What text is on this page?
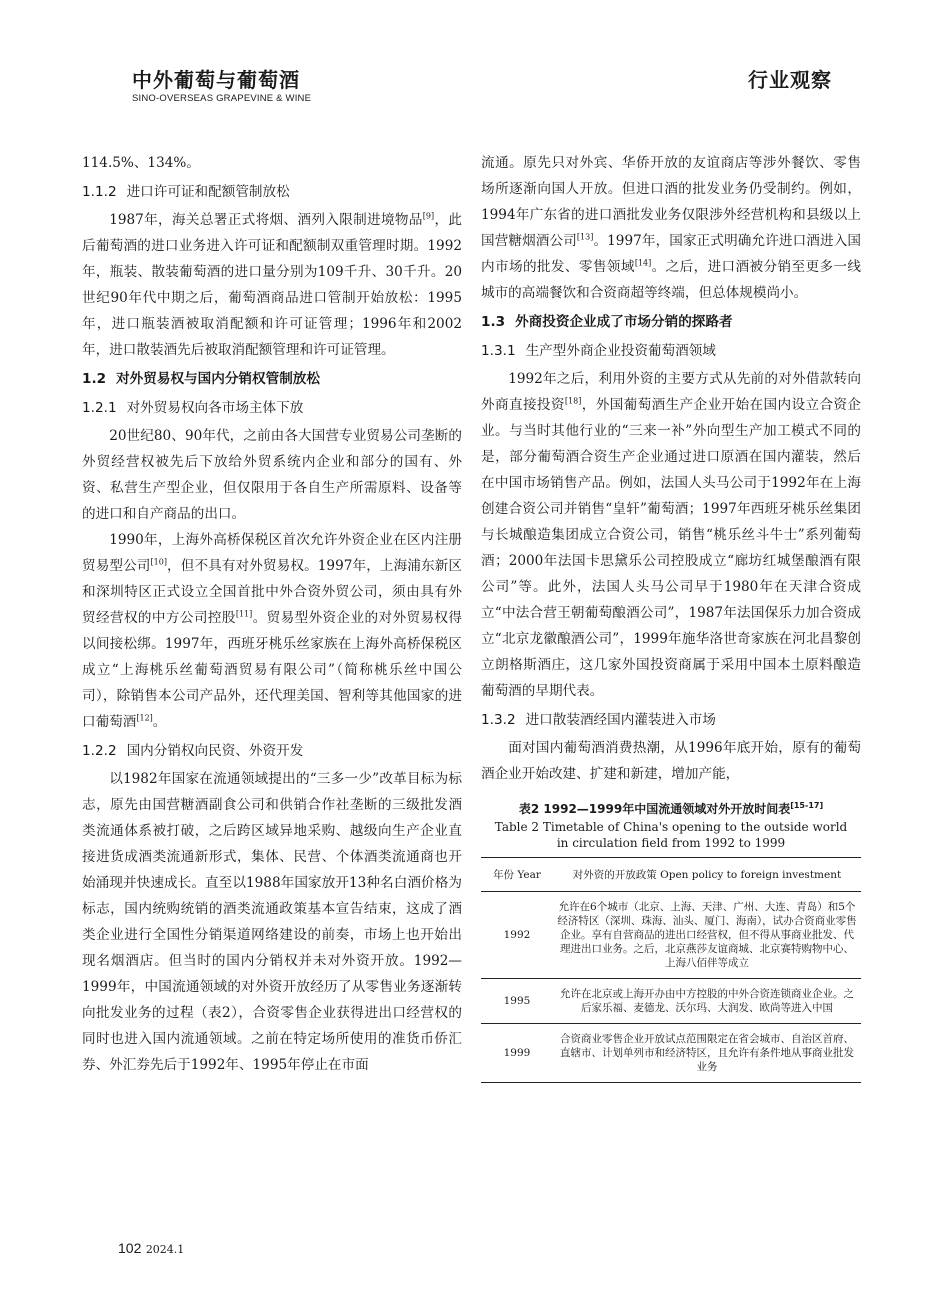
中外葡萄与葡萄酒
SINO-OVERSEAS GRAPEVINE & WINE
行业观察

114.5%、134%。

1.1.2 进口许可证和配额管制放松

1987年，海关总署正式将烟、酒列入限制进境物品[9]，此后葡萄酒的进口业务进入许可证和配额制双重管理时期。1992年，瓶装、散装葡萄酒的进口量分别为109千升、30千升。20世纪90年代中期之后，葡萄酒商品进口管制开始放松：1995年，进口瓶装酒被取消配额和许可证管理；1996年和2002年，进口散装酒先后被取消配额管理和许可证管理。

1.2 对外贸易权与国内分销权管制放松
1.2.1 对外贸易权向各市场主体下放

20世纪80、90年代，之前由各大国营专业贸易公司垄断的外贸经营权被先后下放给外贸系统内企业和部分的国有、外资、私营生产型企业，但仅限用于各自生产所需原料、设备等的进口和自产商品的出口。

1990年，上海外高桥保税区首次允许外资企业在区内注册贸易型公司[10]，但不具有对外贸易权。1997年，上海浦东新区和深圳特区正式设立全国首批中外合资外贸公司，须由具有外贸经营权的中方公司控股[11]。贸易型外资企业的对外贸易权得以间接松绑。1997年，西班牙桃乐丝家族在上海外高桥保税区成立“上海桃乐丝葡萄酒贸易有限公司”（简称桃乐丝中国公司），除销售本公司产品外，还代理美国、智利等其他国家的进口葡萄酒[12]。

1.2.2 国内分销权向民资、外资开发

以1982年国家在流通领域提出的“三多一少”改革目标为标志，原先由国营糖酒副食公司和供销合作社垄断的三级批发酒类流通体系被打破，之后跨区域异地采购、越级向生产企业直接进货成酒类流通新形式，集体、民营、个体酒类流通商也开始涌现并快速成长。直至以1988年国家放开13种名白酒价格为标志，国内统购统销的酒类流通政策基本宣告结束，这成了酒类企业进行全国性分销渠道网络建设的前奏，市场上也开始出现名烟酒店。但当时的国内分销权并未对外资开放。1992—1999年，中国流通领域的对外资开放经历了从零售业务逐渐转向批发业务的过程（表2），合资零售企业获得进出口经营权的同时也进入国内流通领域。之前在特定场所使用的准货币侨汇券、外汇券先后于1992年、1995年停止在市面

流通。原先只对外宾、华侨开放的友谊商店等涉外餐饮、零售场所逐渐向国人开放。但进口酒的批发业务仍受制约。例如，1994年广东省的进口酒批发业务仅限涉外经营机构和县级以上国营糖烟酒公司[13]。1997年，国家正式明确允许进口酒进入国内市场的批发、零售领域[14]。之后，进口酒被分销至更多一线城市的高端餐饮和合资商超等终端，但总体规模尚小。

1.3 外商投资企业成了市场分销的探路者
1.3.1 生产型外商企业投资葡萄酒领域

1992年之后，利用外资的主要方式从先前的对外借款转向外商直接投资[18]，外国葡萄酒生产企业开始在国内设立合资企业。与当时其他行业的“三来一补”外向型生产加工模式不同的是，部分葡萄酒合资生产企业通过进口原酒在国内灌装，然后在中国市场销售产品。例如，法国人头马公司于1992年在上海创建合资公司并销售“皇轩”葡萄酒；1997年西班牙桃乐丝集团与长城酿造集团成立合资公司，销售“桃乐丝斗牛士”系列葡萄酒；2000年法国卡思黛乐公司控股成立“廊坊红城堡酿酒有限公司”等。此外，法国人头马公司早于1980年在天津合资成立“中法合营王朝葡萄酿酒公司”，1987年法国保乐力加合资成立“北京龙徽酿酒公司”，1999年施华洛世奇家族在河北昌黎创立朗格斯酒庄，这几家外国投资商属于采用中国本土原料酿造葡萄酒的早期代表。

1.3.2 进口散装酒经国内灌装进入市场

面对国内葡萄酒消费热潮，从1996年底开始，原有的葡萄酒企业开始改建、扩建和新建，增加产能，

表2 1992—1999年中国流通领域对外开放时间表[15-17]
Table 2 Timetable of China's opening to the outside world
in circulation field from 1992 to 1999
年份 Year	对外资的开放政策 Open policy to foreign investment
1992	允许在6个城市（北京、上海、天津、广州、大连、青岛）和5个经济特区（深圳、珠海、汕头、厦门、海南），试办合资商业零售企业。享有自营商品的进出口经营权，但不得从事商业批发、代理进出口业务。之后，北京燕莎友谊商城、北京赛特购物中心、上海八佰伴等成立
1995	允许在北京或上海开办由中方控股的中外合资连锁商业企业。之后家乐福、麦德龙、沃尔玛、大润发、欧尚等进入中国
1999	合资商业零售企业开放试点范围限定在省会城市、自治区首府、直辖市、计划单列市和经济特区，且允许有条件地从事商业批发业务
102 2024.1
